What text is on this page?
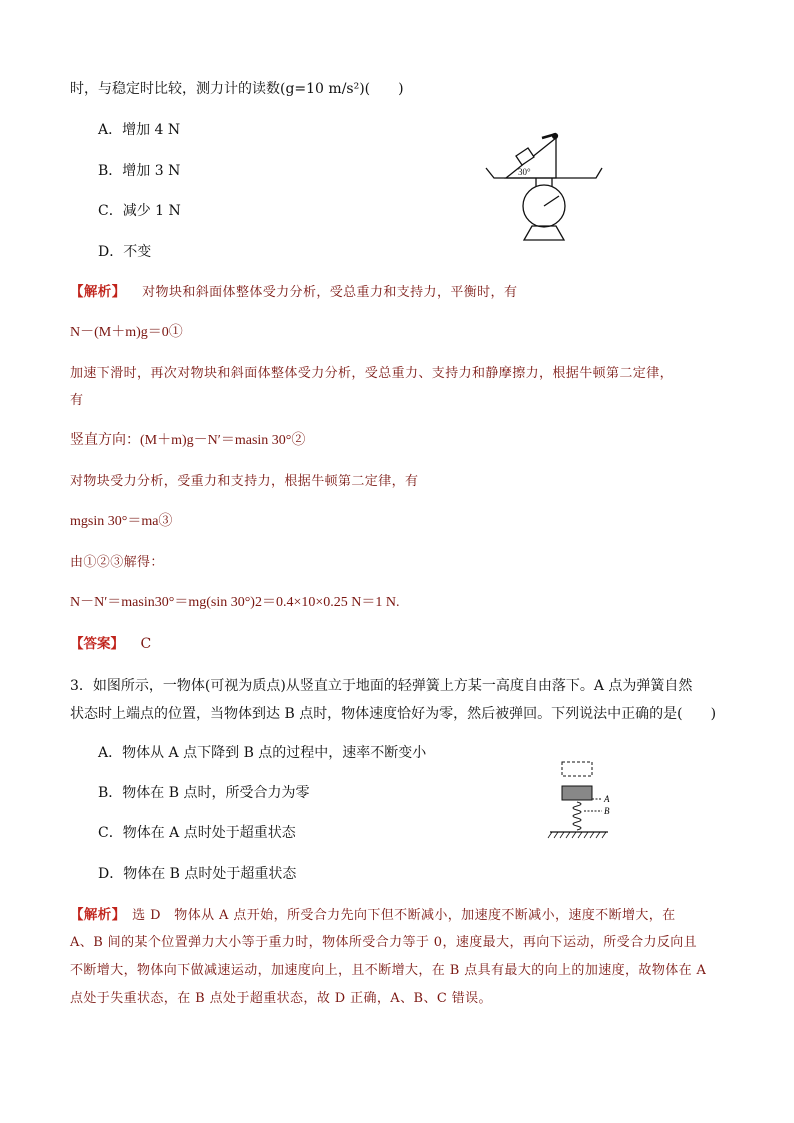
时，与稳定时比较，测力计的读数(g=10 m/s²)(　　)
A．增加 4 N
B．增加 3 N
C．减少 1 N
D．不变
30°
【解析】 对物块和斜面体整体受力分析，受总重力和支持力，平衡时，有
N－(M＋m)g＝0①
加速下滑时，再次对物块和斜面体整体受力分析，受总重力、支持力和静摩擦力，根据牛顿第二定律，
有
竖直方向：(M＋m)g－N′＝masin 30°②
对物块受力分析，受重力和支持力，根据牛顿第二定律，有
mgsin 30°＝ma③
由①②③解得：
N－N′＝masin30°＝mg(sin 30°)2＝0.4×10×0.25 N＝1 N.
【答案】 C
3．如图所示，一物体(可视为质点)从竖直立于地面的轻弹簧上方某一高度自由落下。A 点为弹簧自然
状态时上端点的位置，当物体到达 B 点时，物体速度恰好为零，然后被弹回。下列说法中正确的是(　　)
A．物体从 A 点下降到 B 点的过程中，速率不断变小
B．物体在 B 点时，所受合力为零
C．物体在 A 点时处于超重状态
D．物体在 B 点时处于超重状态
A
B
【解析】 选 D　物体从 A 点开始，所受合力先向下但不断减小，加速度不断减小，速度不断增大，在
A、B 间的某个位置弹力大小等于重力时，物体所受合力等于 0，速度最大，再向下运动，所受合力反向且
不断增大，物体向下做减速运动，加速度向上，且不断增大，在 B 点具有最大的向上的加速度，故物体在 A
点处于失重状态，在 B 点处于超重状态，故 D 正确，A、B、C 错误。
